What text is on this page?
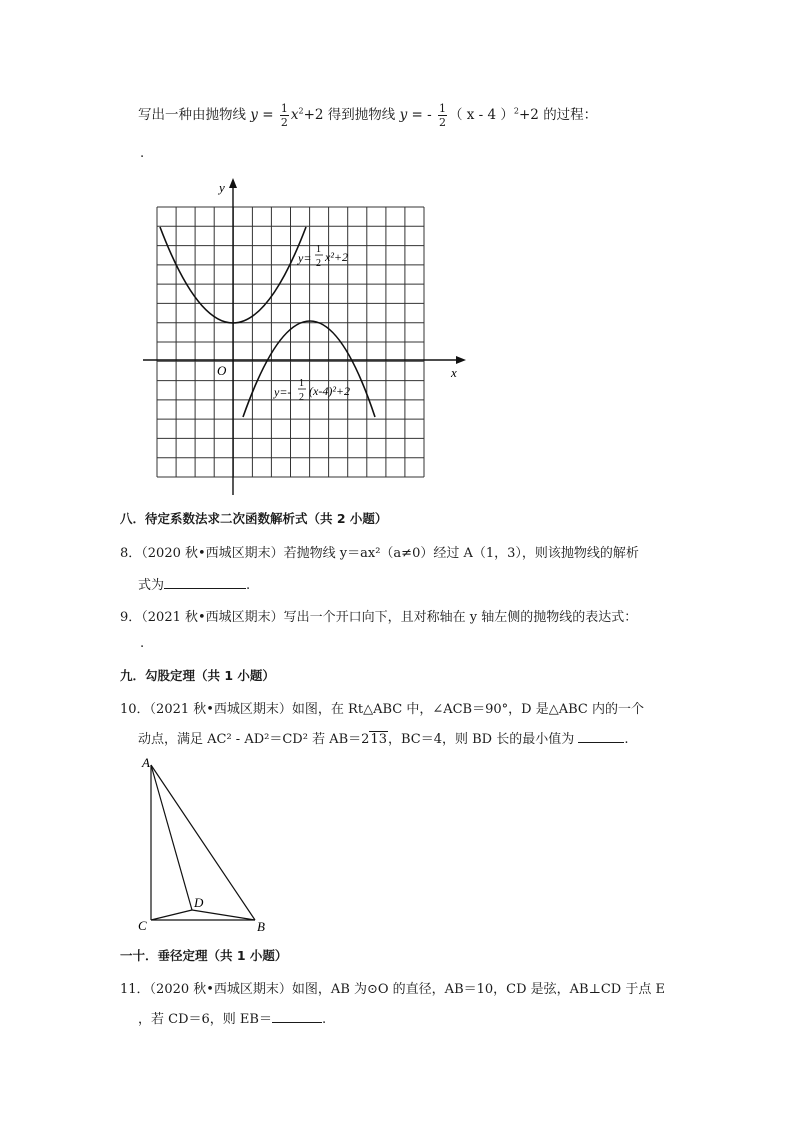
写出一种由抛物线 $y = \frac{1}{2} x^2+2$ 得到抛物线 y = - $\frac{1}{2}$ （ x - 4 ）$^2$+2 的过程：
.
y
x
O
y=
1
2 x²+2
y=-
1
2 (x-4)²+2
八．待定系数法求二次函数解析式（共 2 小题）
8．（2020 秋•西城区期末）若抛物线 y＝ax²（a≠0）经过 A（1，3），则该抛物线的解析
式为	.
9．（2021 秋•西城区期末）写出一个开口向下，且对称轴在 y 轴左侧的抛物线的表达式：
.
九．勾股定理（共 1 小题）
10．（2021 秋•西城区期末）如图，在 Rt△ABC 中，∠ACB＝90°，D 是△ABC 内的一个
动点，满足 AC² - AD²＝CD² 若 AB＝213，BC＝4，则 BD 长的最小值为	.
A
C	B
D
一十．垂径定理（共 1 小题）
11．（2020 秋•西城区期末）如图，AB 为⊙O 的直径，AB＝10，CD 是弦，AB⊥CD 于点 E
，若 CD＝6，则 EB＝	.
